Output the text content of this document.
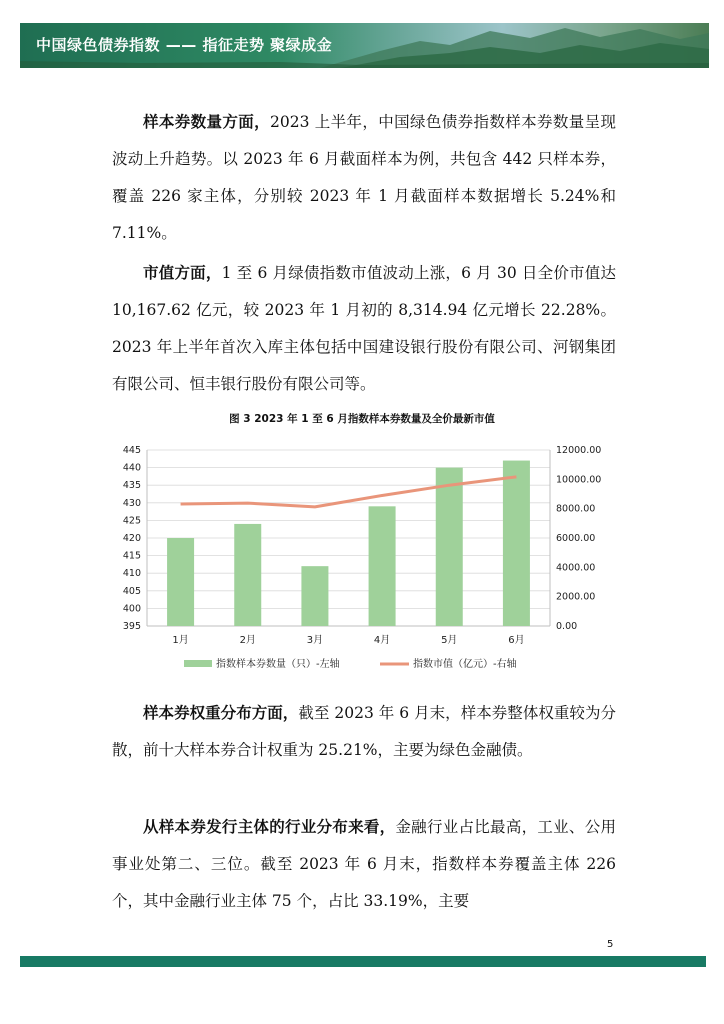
中国绿色债券指数 —— 指征走势 聚绿成金

样本券数量方面，2023 上半年，中国绿色债券指数样本券数量呈现波动上升趋势。以 2023 年 6 月截面样本为例，共包含 442 只样本券，覆盖 226 家主体，分别较 2023 年 1 月截面样本数据增长 5.24%和 7.11%。

市值方面，1 至 6 月绿债指数市值波动上涨，6 月 30 日全价市值达 10,167.62 亿元，较 2023 年 1 月初的 8,314.94 亿元增长 22.28%。2023 年上半年首次入库主体包括中国建设银行股份有限公司、河钢集团有限公司、恒丰银行股份有限公司等。

图 3 2023 年 1 至 6 月指数样本券数量及全价最新市值
395
400
405
410
415
420
425
430
435
440
445
0.00
2000.00
4000.00
6000.00
8000.00
10000.00
12000.00
1月	2月	3月	4月	5月	6月
指数样本券数量（只）-左轴	指数市值（亿元）-右轴

样本券权重分布方面，截至 2023 年 6 月末，样本券整体权重较为分散，前十大样本券合计权重为 25.21%，主要为绿色金融债。

从样本券发行主体的行业分布来看，金融行业占比最高，工业、公用事业处第二、三位。截至 2023 年 6 月末，指数样本券覆盖主体 226 个，其中金融行业主体 75 个，占比 33.19%，主要

5
